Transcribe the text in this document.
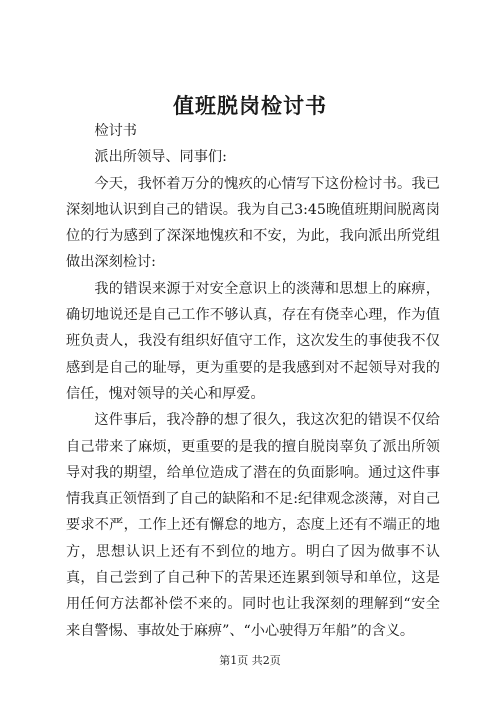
值班脱岗检讨书

检讨书

派出所领导、同事们:

今天，我怀着万分的愧疚的心情写下这份检讨书。我已深刻地认识到自己的错误。我为自己3:45晚值班期间脱离岗位的行为感到了深深地愧疚和不安，为此，我向派出所党组做出深刻检讨:

我的错误来源于对安全意识上的淡薄和思想上的麻痹，确切地说还是自己工作不够认真，存在有侥幸心理，作为值班负责人，我没有组织好值守工作，这次发生的事使我不仅感到是自己的耻辱，更为重要的是我感到对不起领导对我的信任，愧对领导的关心和厚爱。

这件事后，我冷静的想了很久，我这次犯的错误不仅给自己带来了麻烦，更重要的是我的擅自脱岗辜负了派出所领导对我的期望，给单位造成了潜在的负面影响。通过这件事情我真正领悟到了自己的缺陷和不足:纪律观念淡薄，对自己要求不严，工作上还有懈怠的地方，态度上还有不端正的地方，思想认识上还有不到位的地方。明白了因为做事不认真，自己尝到了自己种下的苦果还连累到领导和单位，这是用任何方法都补偿不来的。同时也让我深刻的理解到“安全来自警惕、事故处于麻痹”、“小心驶得万年船”的含义。

第1页 共2页
